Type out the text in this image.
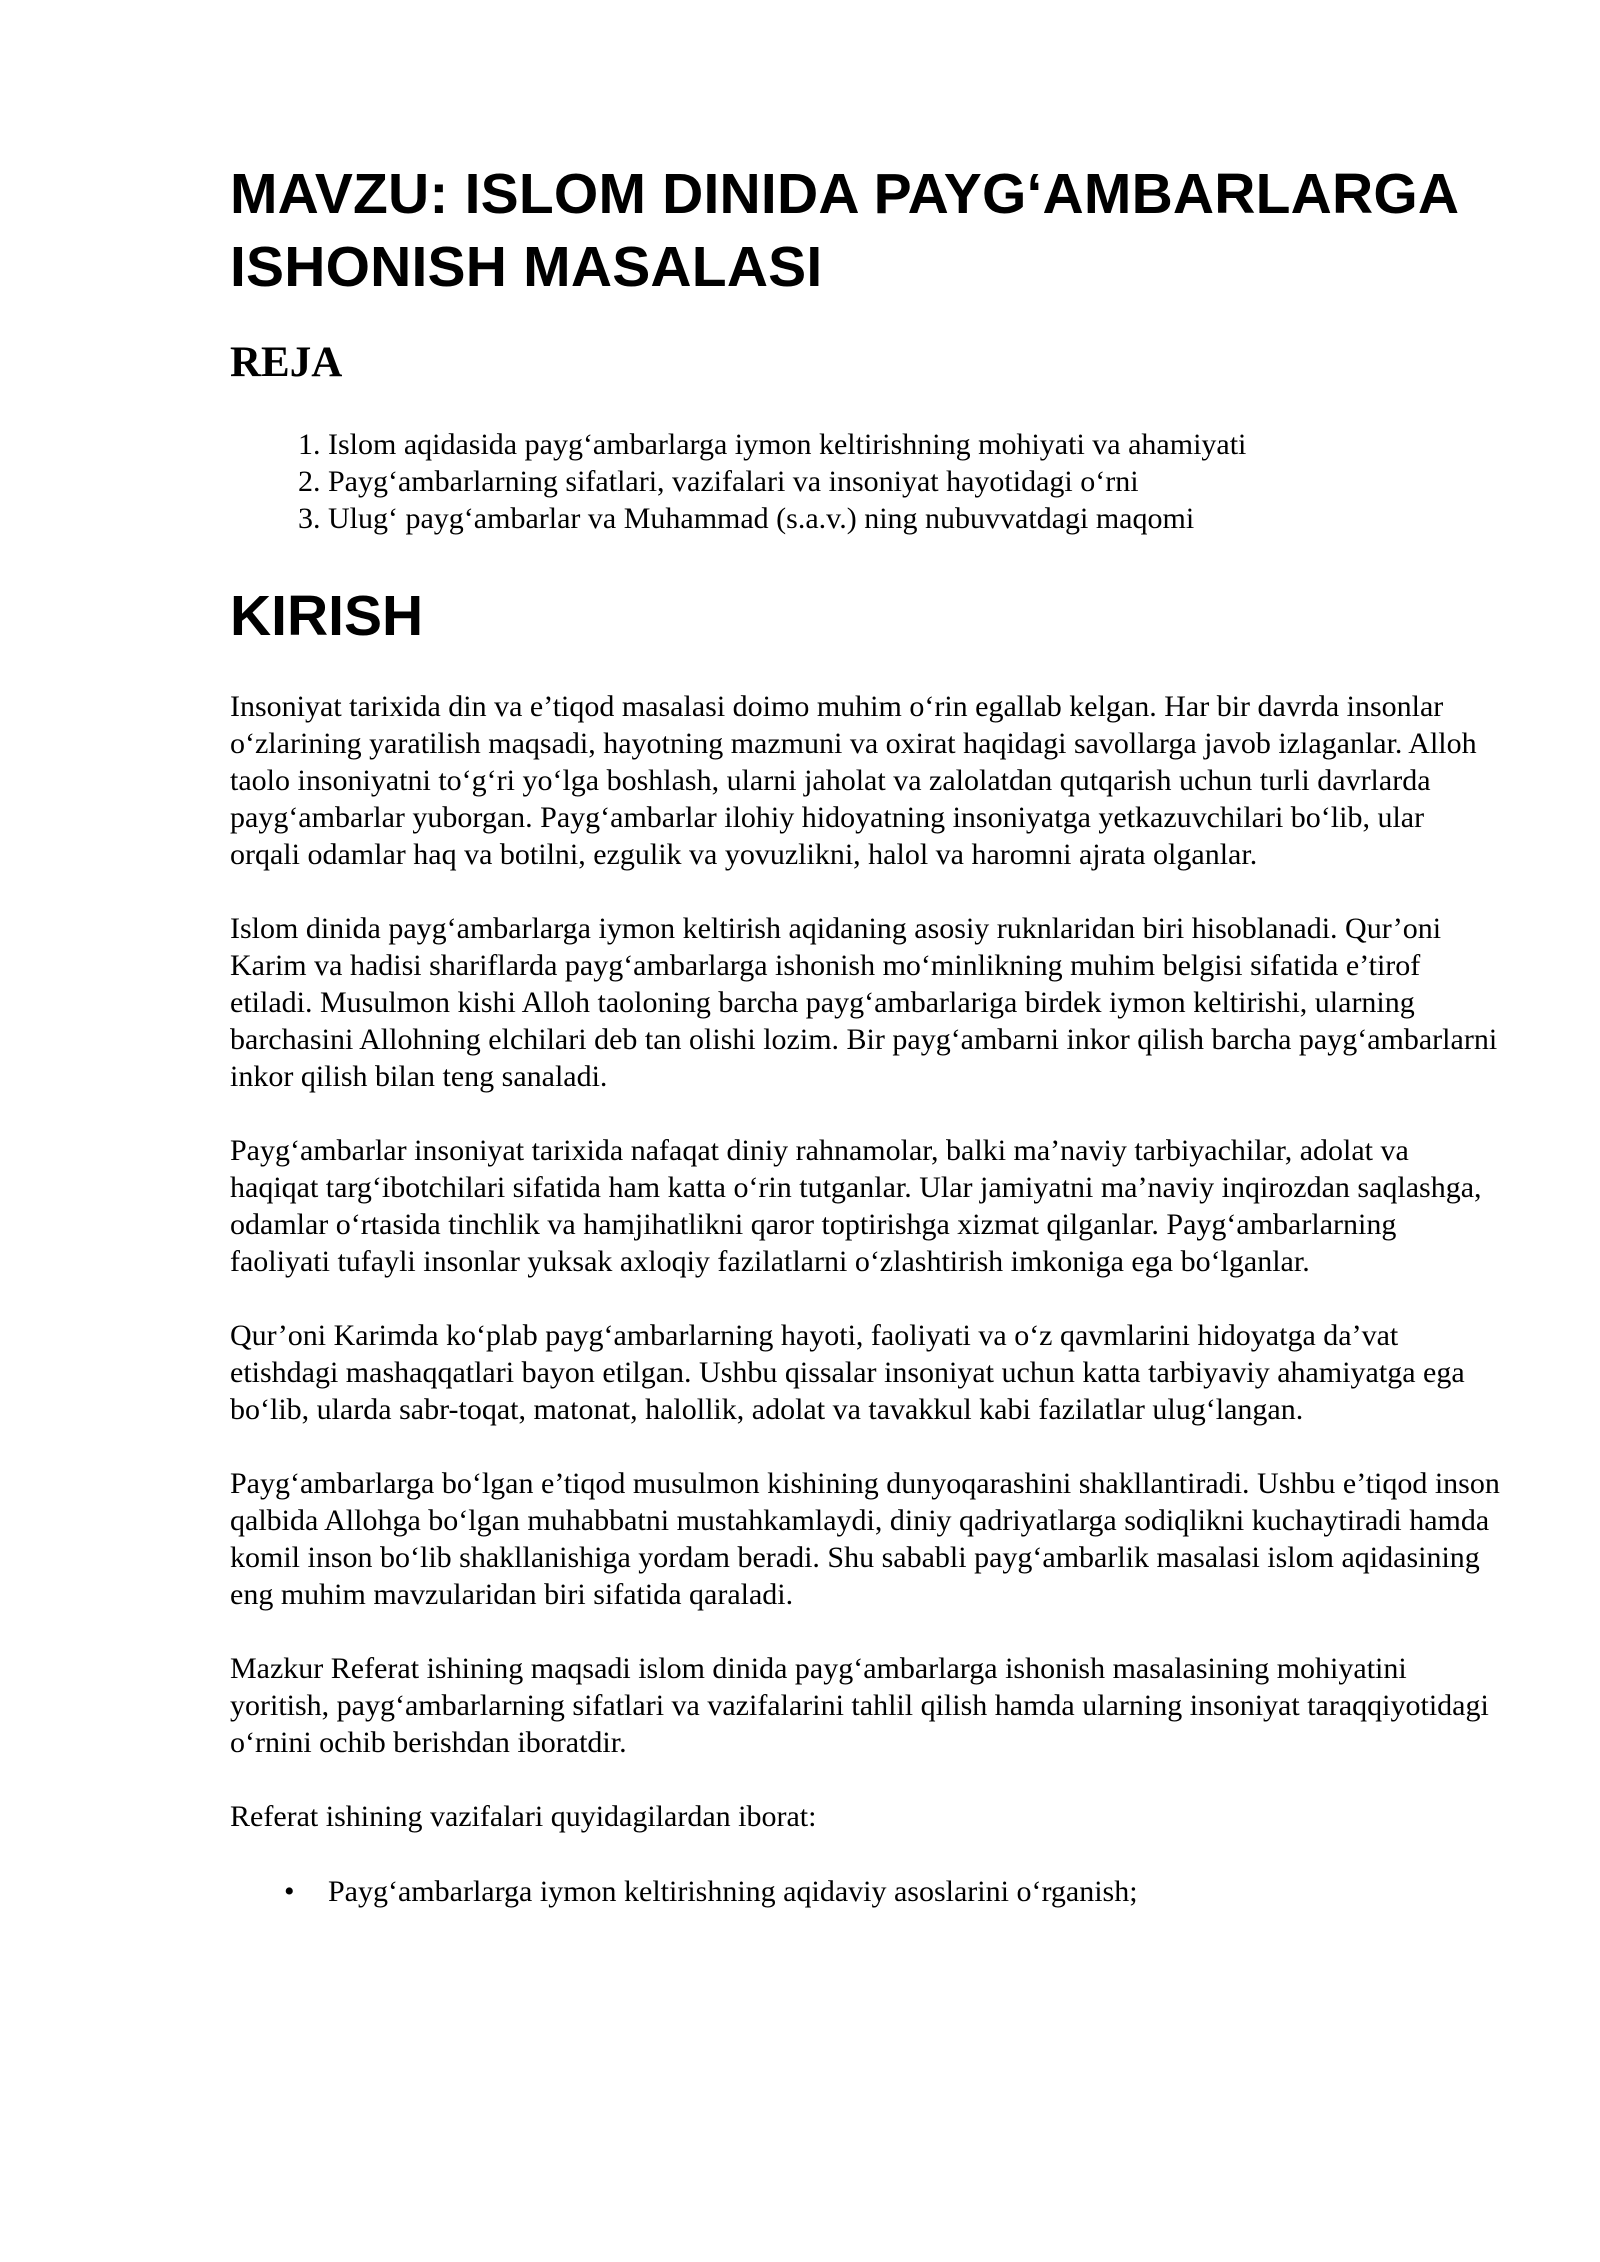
MAVZU: ISLOM DINIDA PAYG‘AMBARLARGA ISHONISH MASALASI
REJA
1. Islom aqidasida payg‘ambarlarga iymon keltirishning mohiyati va ahamiyati
2. Payg‘ambarlarning sifatlari, vazifalari va insoniyat hayotidagi o‘rni
3. Ulug‘ payg‘ambarlar va Muhammad (s.a.v.) ning nubuvvatdagi maqomi
KIRISH

Insoniyat tarixida din va e’tiqod masalasi doimo muhim o‘rin egallab kelgan. Har bir davrda insonlar o‘zlarining yaratilish maqsadi, hayotning mazmuni va oxirat haqidagi savollarga javob izlaganlar. Alloh taolo insoniyatni to‘g‘ri yo‘lga boshlash, ularni jaholat va zalolatdan qutqarish uchun turli davrlarda payg‘ambarlar yuborgan. Payg‘ambarlar ilohiy hidoyatning insoniyatga yetkazuvchilari bo‘lib, ular orqali odamlar haq va botilni, ezgulik va yovuzlikni, halol va haromni ajrata olganlar.

Islom dinida payg‘ambarlarga iymon keltirish aqidaning asosiy ruknlaridan biri hisoblanadi. Qur’oni Karim va hadisi shariflarda payg‘ambarlarga ishonish mo‘minlikning muhim belgisi sifatida e’tirof etiladi. Musulmon kishi Alloh taoloning barcha payg‘ambarlariga birdek iymon keltirishi, ularning barchasini Allohning elchilari deb tan olishi lozim. Bir payg‘ambarni inkor qilish barcha payg‘ambarlarni inkor qilish bilan teng sanaladi.

Payg‘ambarlar insoniyat tarixida nafaqat diniy rahnamolar, balki ma’naviy tarbiyachilar, adolat va haqiqat targ‘ibotchilari sifatida ham katta o‘rin tutganlar. Ular jamiyatni ma’naviy inqirozdan saqlashga, odamlar o‘rtasida tinchlik va hamjihatlikni qaror toptirishga xizmat qilganlar. Payg‘ambarlarning faoliyati tufayli insonlar yuksak axloqiy fazilatlarni o‘zlashtirish imkoniga ega bo‘lganlar.

Qur’oni Karimda ko‘plab payg‘ambarlarning hayoti, faoliyati va o‘z qavmlarini hidoyatga da’vat etishdagi mashaqqatlari bayon etilgan. Ushbu qissalar insoniyat uchun katta tarbiyaviy ahamiyatga ega bo‘lib, ularda sabr-toqat, matonat, halollik, adolat va tavakkul kabi fazilatlar ulug‘langan.

Payg‘ambarlarga bo‘lgan e’tiqod musulmon kishining dunyoqarashini shakllantiradi. Ushbu e’tiqod inson qalbida Allohga bo‘lgan muhabbatni mustahkamlaydi, diniy qadriyatlarga sodiqlikni kuchaytiradi hamda komil inson bo‘lib shakllanishiga yordam beradi. Shu sababli payg‘ambarlik masalasi islom aqidasining eng muhim mavzularidan biri sifatida qaraladi.

Mazkur Referat ishining maqsadi islom dinida payg‘ambarlarga ishonish masalasining mohiyatini yoritish, payg‘ambarlarning sifatlari va vazifalarini tahlil qilish hamda ularning insoniyat taraqqiyotidagi o‘rnini ochib berishdan iboratdir.

Referat ishining vazifalari quyidagilardan iborat:

• Payg‘ambarlarga iymon keltirishning aqidaviy asoslarini o‘rganish;
